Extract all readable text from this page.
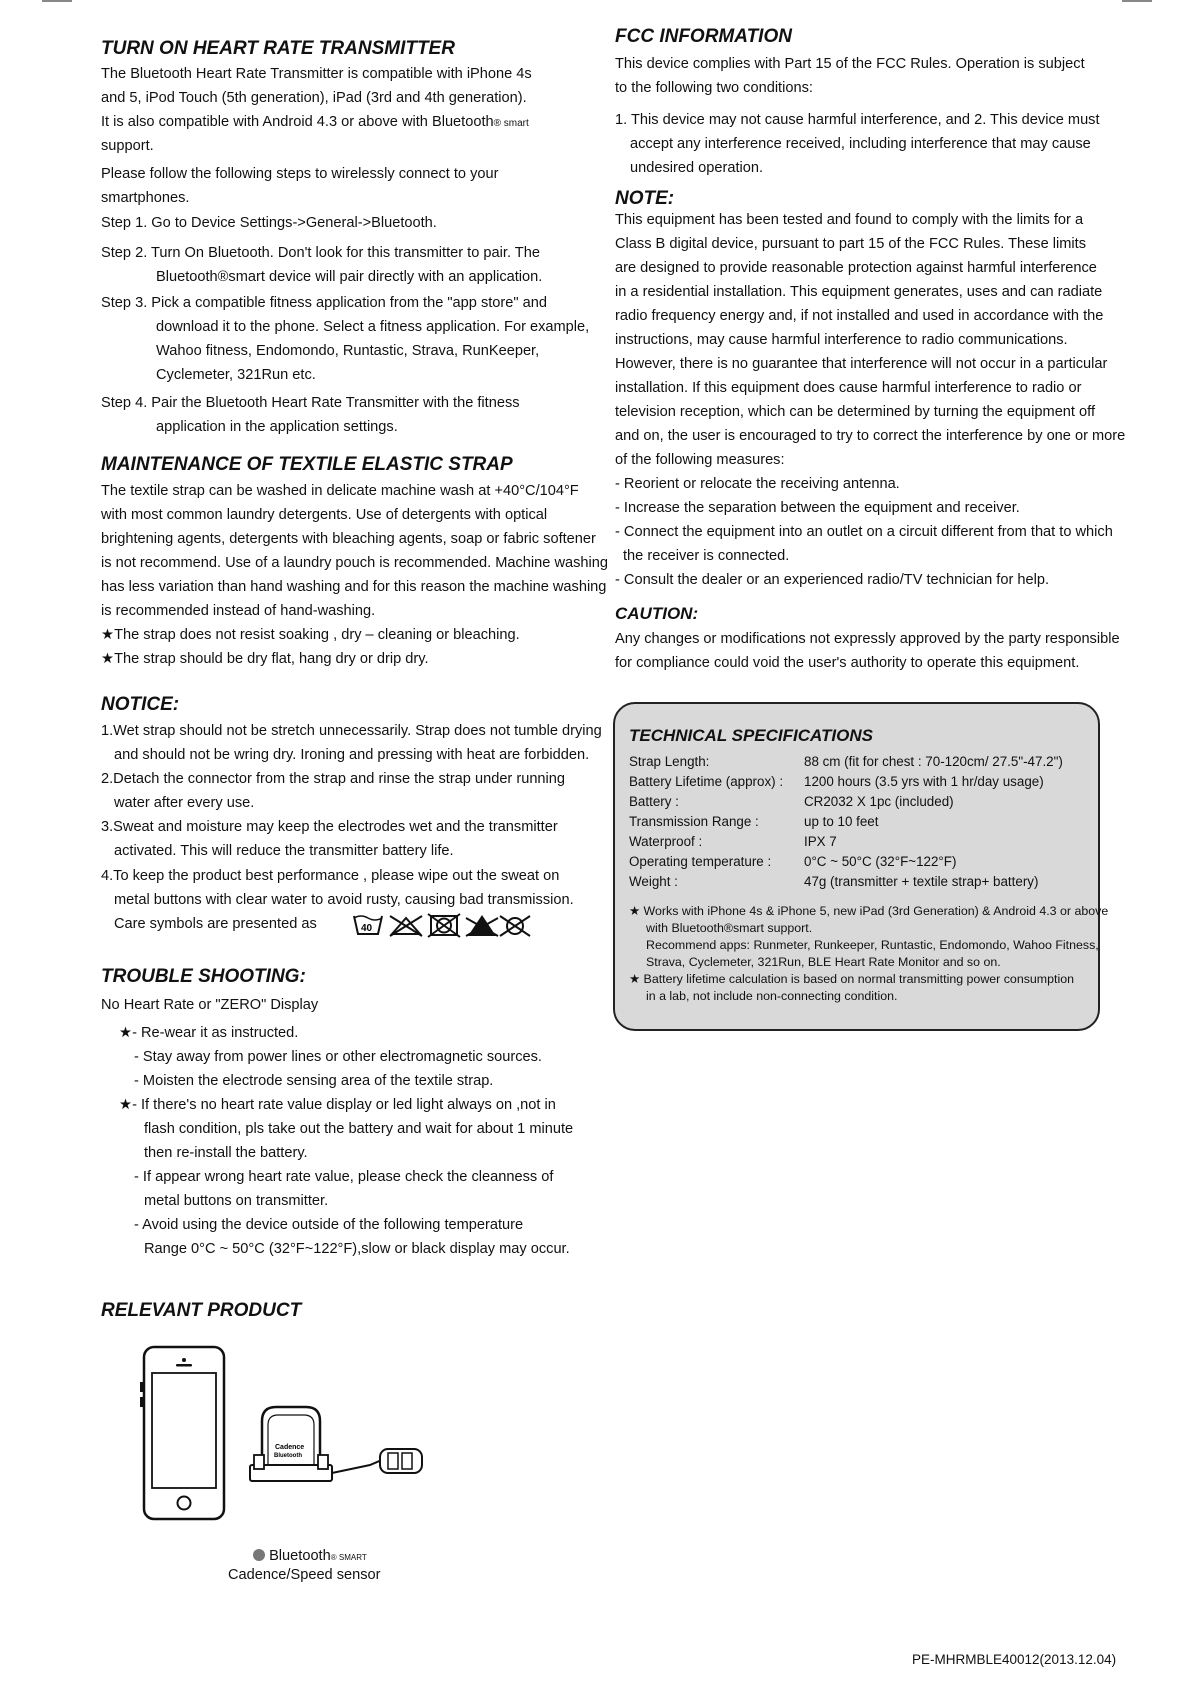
TURN ON HEART RATE TRANSMITTER

The Bluetooth Heart Rate Transmitter is compatible with iPhone 4s

and 5, iPod Touch (5th generation), iPad (3rd and 4th generation).

It is also compatible with Android 4.3 or above with Bluetooth® smart

support.

Please follow the following steps to wirelessly connect to your

smartphones.

Step 1. Go to Device Settings->General->Bluetooth.

Step 2. Turn On Bluetooth. Don't look for this transmitter to pair. The

Bluetooth®smart device will pair directly with an application.

Step 3. Pick a compatible fitness application from the "app store" and

download it to the phone. Select a fitness application. For example,

Wahoo fitness, Endomondo, Runtastic, Strava, RunKeeper,

Cyclemeter, 321Run etc.

Step 4. Pair the Bluetooth Heart Rate Transmitter with the fitness

application in the application settings.

MAINTENANCE OF TEXTILE ELASTIC STRAP

The textile strap can be washed in delicate machine wash at +40°C/104°F

with most common laundry detergents. Use of detergents with optical

brightening agents, detergents with bleaching agents, soap or fabric softener

is not recommend. Use of a laundry pouch is recommended. Machine washing

has less variation than hand washing and for this reason the machine washing

is recommended instead of hand-washing.

★The strap does not resist soaking , dry – cleaning or bleaching.

★The strap should be dry flat, hang dry or drip dry.

NOTICE:

1.Wet strap should not be stretch unnecessarily. Strap does not tumble drying

and should not be wring dry. Ironing and pressing with heat are forbidden.

2.Detach the connector from the strap and rinse the strap under running

water after every use.

3.Sweat and moisture may keep the electrodes wet and the transmitter

activated. This will reduce the transmitter battery life.

4.To keep the product best performance , please wipe out the sweat on

metal buttons with clear water to avoid rusty, causing bad transmission.

Care symbols are presented as

TROUBLE SHOOTING:

No Heart Rate or "ZERO" Display

★- Re-wear it as instructed.

- Stay away from power lines or other electromagnetic sources.

- Moisten the electrode sensing area of the textile strap.

★- If there's no heart rate value display or led light always on ,not in

flash condition, pls take out the battery and wait for about 1 minute

then re-install the battery.

- If appear wrong heart rate value, please check the cleanness of

metal buttons on transmitter.

- Avoid using the device outside of the following temperature

Range 0°C ~ 50°C (32°F~122°F),slow or black display may occur.

RELEVANT PRODUCT
40
Cadence
Bluetooth
Bluetooth® SMART
Cadence/Speed sensor
FCC INFORMATION

This device complies with Part 15 of the FCC Rules. Operation is subject

to the following two conditions:

1. This device may not cause harmful interference, and 2. This device must

accept any interference received, including interference that may cause

undesired operation.

NOTE:

This equipment has been tested and found to comply with the limits for a

Class B digital device, pursuant to part 15 of the FCC Rules. These limits

are designed to provide reasonable protection against harmful interference

in a residential installation. This equipment generates, uses and can radiate

radio frequency energy and, if not installed and used in accordance with the

instructions, may cause harmful interference to radio communications.

However, there is no guarantee that interference will not occur in a particular

installation. If this equipment does cause harmful interference to radio or

television reception, which can be determined by turning the equipment off

and on, the user is encouraged to try to correct the interference by one or more

of the following measures:

- Reorient or relocate the receiving antenna.

- Increase the separation between the equipment and receiver.

- Connect the equipment into an outlet on a circuit different from that to which

the receiver is connected.

- Consult the dealer or an experienced radio/TV technician for help.

CAUTION:

Any changes or modifications not expressly approved by the party responsible

for compliance could void the user's authority to operate this equipment.

TECHNICAL SPECIFICATIONS
Strap Length:	88 cm (fit for chest : 70-120cm/ 27.5"-47.2")
Battery Lifetime (approx) : 1200 hours (3.5 yrs with 1 hr/day usage)
Battery :	CR2032 X 1pc (included)
Transmission Range :	up to 10 feet
Waterproof :	IPX 7
Operating temperature : 0°C ~ 50°C (32°F~122°F)
Weight :	47g (transmitter + textile strap+ battery)
★ Works with iPhone 4s & iPhone 5, new iPad (3rd Generation) & Android 4.3 or above
with Bluetooth®smart support.
Recommend apps: Runmeter, Runkeeper, Runtastic, Endomondo, Wahoo Fitness,
Strava, Cyclemeter, 321Run, BLE Heart Rate Monitor and so on.
★ Battery lifetime calculation is based on normal transmitting power consumption
in a lab, not include non-connecting condition.
PE-MHRMBLE40012(2013.12.04)
